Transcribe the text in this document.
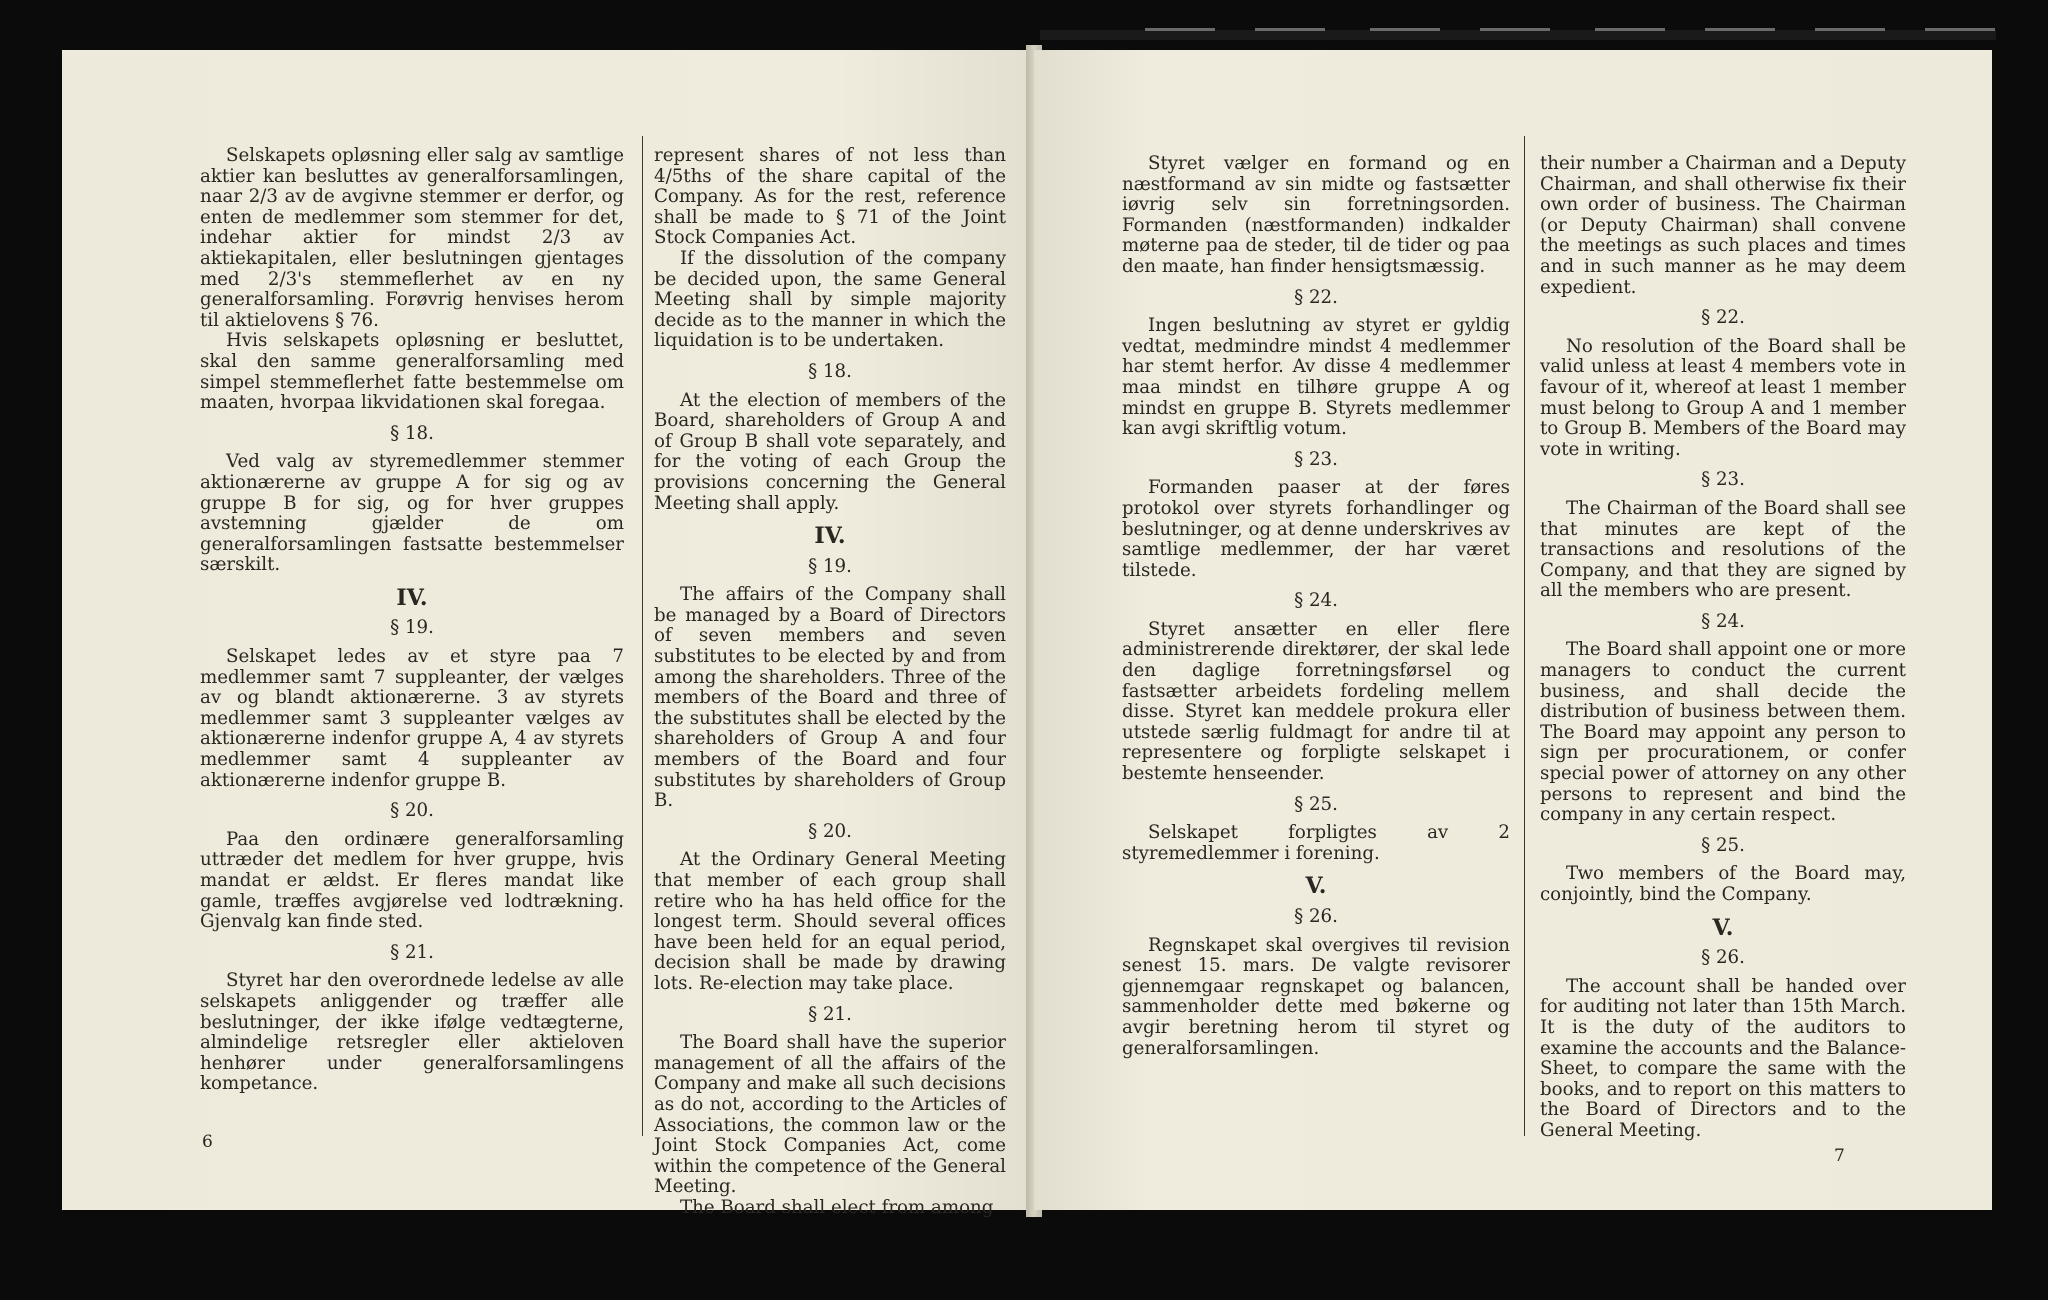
Selskapets opløsning eller salg av samtlige aktier kan besluttes av generalforsamlingen, naar 2/3 av de avgivne stemmer er derfor, og enten de medlemmer som stemmer for det, indehar aktier for mindst 2/3 av aktiekapitalen, eller beslutningen gjentages med 2/3's stemmeflerhet av en ny generalforsamling. Forøvrig henvises herom til aktielovens § 76.

Hvis selskapets opløsning er besluttet, skal den samme generalforsamling med simpel stemmeflerhet fatte bestemmelse om maaten, hvorpaa likvidationen skal foregaa.

§ 18.

Ved valg av styremedlemmer stemmer aktionærerne av gruppe A for sig og av gruppe B for sig, og for hver gruppes avstemning gjælder de om generalforsamlingen fastsatte bestemmelser særskilt.

IV.

§ 19.

Selskapet ledes av et styre paa 7 medlemmer samt 7 suppleanter, der vælges av og blandt aktionærerne. 3 av styrets medlemmer samt 3 suppleanter vælges av aktionærerne indenfor gruppe A, 4 av styrets medlemmer samt 4 suppleanter av aktionærerne indenfor gruppe B.

§ 20.

Paa den ordinære generalforsamling uttræder det medlem for hver gruppe, hvis mandat er ældst. Er fleres mandat like gamle, træffes avgjørelse ved lodtrækning. Gjenvalg kan finde sted.

§ 21.

Styret har den overordnede ledelse av alle selskapets anliggender og træffer alle beslutninger, der ikke ifølge vedtægterne, almindelige retsregler eller aktieloven henhører under generalforsamlingens kompetance.

represent shares of not less than 4/5ths of the share capital of the Company. As for the rest, reference shall be made to § 71 of the Joint Stock Companies Act.

If the dissolution of the company be decided upon, the same General Meeting shall by simple majority decide as to the manner in which the liquidation is to be undertaken.

§ 18.

At the election of members of the Board, shareholders of Group A and of Group B shall vote separately, and for the voting of each Group the provisions concerning the General Meeting shall apply.

IV.

§ 19.

The affairs of the Company shall be managed by a Board of Directors of seven members and seven substitutes to be elected by and from among the shareholders. Three of the members of the Board and three of the substitutes shall be elected by the shareholders of Group A and four members of the Board and four substitutes by shareholders of Group B.

§ 20.

At the Ordinary General Meeting that member of each group shall retire who ha has held office for the longest term. Should several offices have been held for an equal period, decision shall be made by drawing lots. Re-election may take place.

§ 21.

The Board shall have the superior management of all the affairs of the Company and make all such decisions as do not, according to the Articles of Associations, the common law or the Joint Stock Companies Act, come within the competence of the General Meeting.

The Board shall elect from among

6

Styret vælger en formand og en næstformand av sin midte og fastsætter iøvrig selv sin forretningsorden. Formanden (næstformanden) indkalder møterne paa de steder, til de tider og paa den maate, han finder hensigtsmæssig.

§ 22.

Ingen beslutning av styret er gyldig vedtat, medmindre mindst 4 medlemmer har stemt herfor. Av disse 4 medlemmer maa mindst en tilhøre gruppe A og mindst en gruppe B. Styrets medlemmer kan avgi skriftlig votum.

§ 23.

Formanden paaser at der føres protokol over styrets forhandlinger og beslutninger, og at denne underskrives av samtlige medlemmer, der har været tilstede.

§ 24.

Styret ansætter en eller flere administrerende direktører, der skal lede den daglige forretningsførsel og fastsætter arbeidets fordeling mellem disse. Styret kan meddele prokura eller utstede særlig fuldmagt for andre til at representere og forpligte selskapet i bestemte henseender.

§ 25.

Selskapet forpligtes av 2 styremedlemmer i forening.

V.

§ 26.

Regnskapet skal overgives til revision senest 15. mars. De valgte revisorer gjennemgaar regnskapet og balancen, sammenholder dette med bøkerne og avgir beretning herom til styret og generalforsamlingen.

their number a Chairman and a Deputy Chairman, and shall otherwise fix their own order of business. The Chairman (or Deputy Chairman) shall convene the meetings as such places and times and in such manner as he may deem expedient.

§ 22.

No resolution of the Board shall be valid unless at least 4 members vote in favour of it, whereof at least 1 member must belong to Group A and 1 member to Group B. Members of the Board may vote in writing.

§ 23.

The Chairman of the Board shall see that minutes are kept of the transactions and resolutions of the Company, and that they are signed by all the members who are present.

§ 24.

The Board shall appoint one or more managers to conduct the current business, and shall decide the distribution of business between them. The Board may appoint any person to sign per procurationem, or confer special power of attorney on any other persons to represent and bind the company in any certain respect.

§ 25.

Two members of the Board may, conjointly, bind the Company.

V.

§ 26.

The account shall be handed over for auditing not later than 15th March. It is the duty of the auditors to examine the accounts and the Balance-Sheet, to compare the same with the books, and to report on this matters to the Board of Directors and to the General Meeting.

7
